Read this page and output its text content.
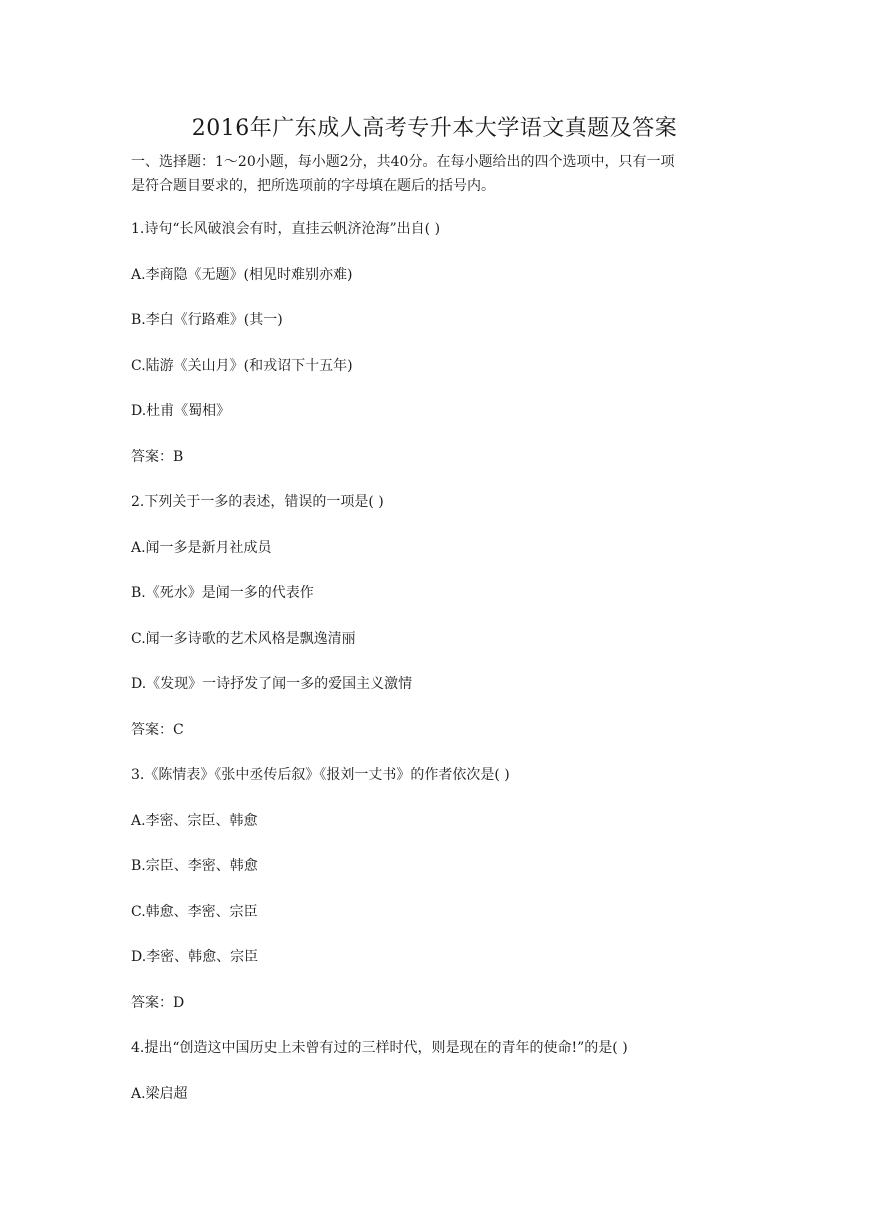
2016年广东成人高考专升本大学语文真题及答案
一、选择题：1～20小题，每小题2分，共40分。在每小题给出的四个选项中，只有一项
是符合题目要求的，把所选项前的字母填在题后的括号内。
1.诗句“长风破浪会有时，直挂云帆济沧海”出自( )
A.李商隐《无题》(相见时难别亦难)
B.李白《行路难》(其一)
C.陆游《关山月》(和戎诏下十五年)
D.杜甫《蜀相》
答案：B
2.下列关于一多的表述，错误的一项是( )
A.闻一多是新月社成员
B.《死水》是闻一多的代表作
C.闻一多诗歌的艺术风格是飘逸清丽
D.《发现》一诗抒发了闻一多的爱国主义激情
答案：C
3.《陈情表》《张中丞传后叙》《报刘一丈书》的作者依次是( )
A.李密、宗臣、韩愈
B.宗臣、李密、韩愈
C.韩愈、李密、宗臣
D.李密、韩愈、宗臣
答案：D
4.提出“创造这中国历史上未曾有过的三样时代，则是现在的青年的使命!”的是( )
A.梁启超
